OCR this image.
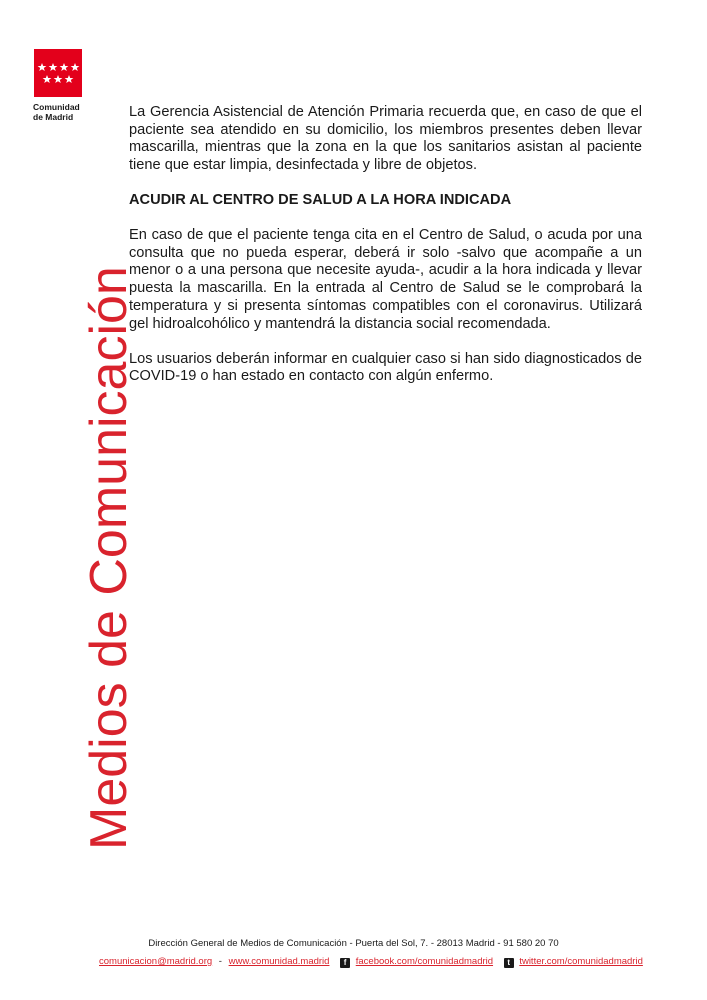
Comunidad
de Madrid
Medios de Comunicación

La Gerencia Asistencial de Atención Primaria recuerda que, en caso de que el paciente sea atendido en su domicilio, los miembros presentes deben llevar mascarilla, mientras que la zona en la que los sanitarios asistan al paciente tiene que estar limpia, desinfectada y libre de objetos.

ACUDIR AL CENTRO DE SALUD A LA HORA INDICADA

En caso de que el paciente tenga cita en el Centro de Salud, o acuda por una consulta que no pueda esperar, deberá ir solo -salvo que acompañe a un menor o a una persona que necesite ayuda-, acudir a la hora indicada y llevar puesta la mascarilla. En la entrada al Centro de Salud se le comprobará la temperatura y si presenta síntomas compatibles con el coronavirus. Utilizará gel hidroalcohólico y mantendrá la distancia social recomendada.

Los usuarios deberán informar en cualquier caso si han sido diagnosticados de COVID-19 o han estado en contacto con algún enfermo.

Dirección General de Medios de Comunicación - Puerta del Sol, 7. - 28013 Madrid - 91 580 20 70
comunicacion@madrid.org - www.comunidad.madrid f facebook.com/comunidadmadrid t twitter.com/comunidadmadrid
